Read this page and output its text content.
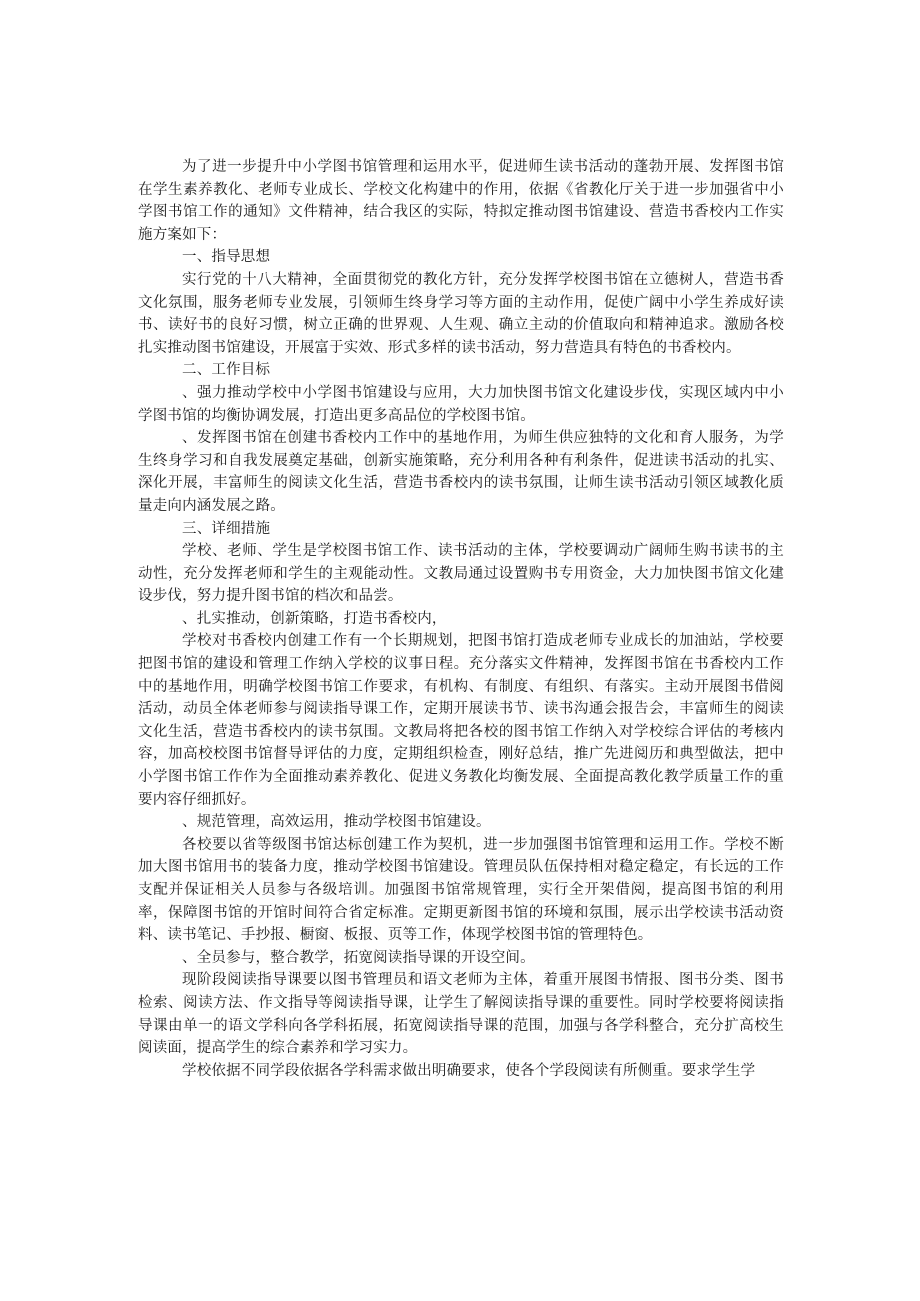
为了进一步提升中小学图书馆管理和运用水平，促进师生读书活动的蓬勃开展、发挥图书馆在学生素养教化、老师专业成长、学校文化构建中的作用，依据《省教化厅关于进一步加强省中小学图书馆工作的通知》文件精神，结合我区的实际，特拟定推动图书馆建设、营造书香校内工作实施方案如下：

一、指导思想

实行党的十八大精神，全面贯彻党的教化方针，充分发挥学校图书馆在立德树人，营造书香文化氛围，服务老师专业发展，引领师生终身学习等方面的主动作用，促使广阔中小学生养成好读书、读好书的良好习惯，树立正确的世界观、人生观、确立主动的价值取向和精神追求。激励各校扎实推动图书馆建设，开展富于实效、形式多样的读书活动，努力营造具有特色的书香校内。

二、工作目标

、强力推动学校中小学图书馆建设与应用，大力加快图书馆文化建设步伐，实现区域内中小学图书馆的均衡协调发展，打造出更多高品位的学校图书馆。

、发挥图书馆在创建书香校内工作中的基地作用，为师生供应独特的文化和育人服务，为学生终身学习和自我发展奠定基础，创新实施策略，充分利用各种有利条件，促进读书活动的扎实、深化开展，丰富师生的阅读文化生活，营造书香校内的读书氛围，让师生读书活动引领区域教化质量走向内涵发展之路。

三、详细措施

学校、老师、学生是学校图书馆工作、读书活动的主体，学校要调动广阔师生购书读书的主动性，充分发挥老师和学生的主观能动性。文教局通过设置购书专用资金，大力加快图书馆文化建设步伐，努力提升图书馆的档次和品尝。

、扎实推动，创新策略，打造书香校内，

学校对书香校内创建工作有一个长期规划，把图书馆打造成老师专业成长的加油站，学校要把图书馆的建设和管理工作纳入学校的议事日程。充分落实文件精神，发挥图书馆在书香校内工作中的基地作用，明确学校图书馆工作要求，有机构、有制度、有组织、有落实。主动开展图书借阅活动，动员全体老师参与阅读指导课工作，定期开展读书节、读书沟通会报告会，丰富师生的阅读文化生活，营造书香校内的读书氛围。文教局将把各校的图书馆工作纳入对学校综合评估的考核内容，加高校校图书馆督导评估的力度，定期组织检查，刚好总结，推广先进阅历和典型做法，把中小学图书馆工作作为全面推动素养教化、促进义务教化均衡发展、全面提高教化教学质量工作的重要内容仔细抓好。

、规范管理，高效运用，推动学校图书馆建设。

各校要以省等级图书馆达标创建工作为契机，进一步加强图书馆管理和运用工作。学校不断加大图书馆用书的装备力度，推动学校图书馆建设。管理员队伍保持相对稳定稳定，有长远的工作支配并保证相关人员参与各级培训。加强图书馆常规管理，实行全开架借阅，提高图书馆的利用率，保障图书馆的开馆时间符合省定标准。定期更新图书馆的环境和氛围，展示出学校读书活动资料、读书笔记、手抄报、橱窗、板报、页等工作，体现学校图书馆的管理特色。

、全员参与，整合教学，拓宽阅读指导课的开设空间。

现阶段阅读指导课要以图书管理员和语文老师为主体，着重开展图书情报、图书分类、图书检索、阅读方法、作文指导等阅读指导课，让学生了解阅读指导课的重要性。同时学校要将阅读指导课由单一的语文学科向各学科拓展，拓宽阅读指导课的范围，加强与各学科整合，充分扩高校生阅读面，提高学生的综合素养和学习实力。

学校依据不同学段依据各学科需求做出明确要求，使各个学段阅读有所侧重。要求学生学
